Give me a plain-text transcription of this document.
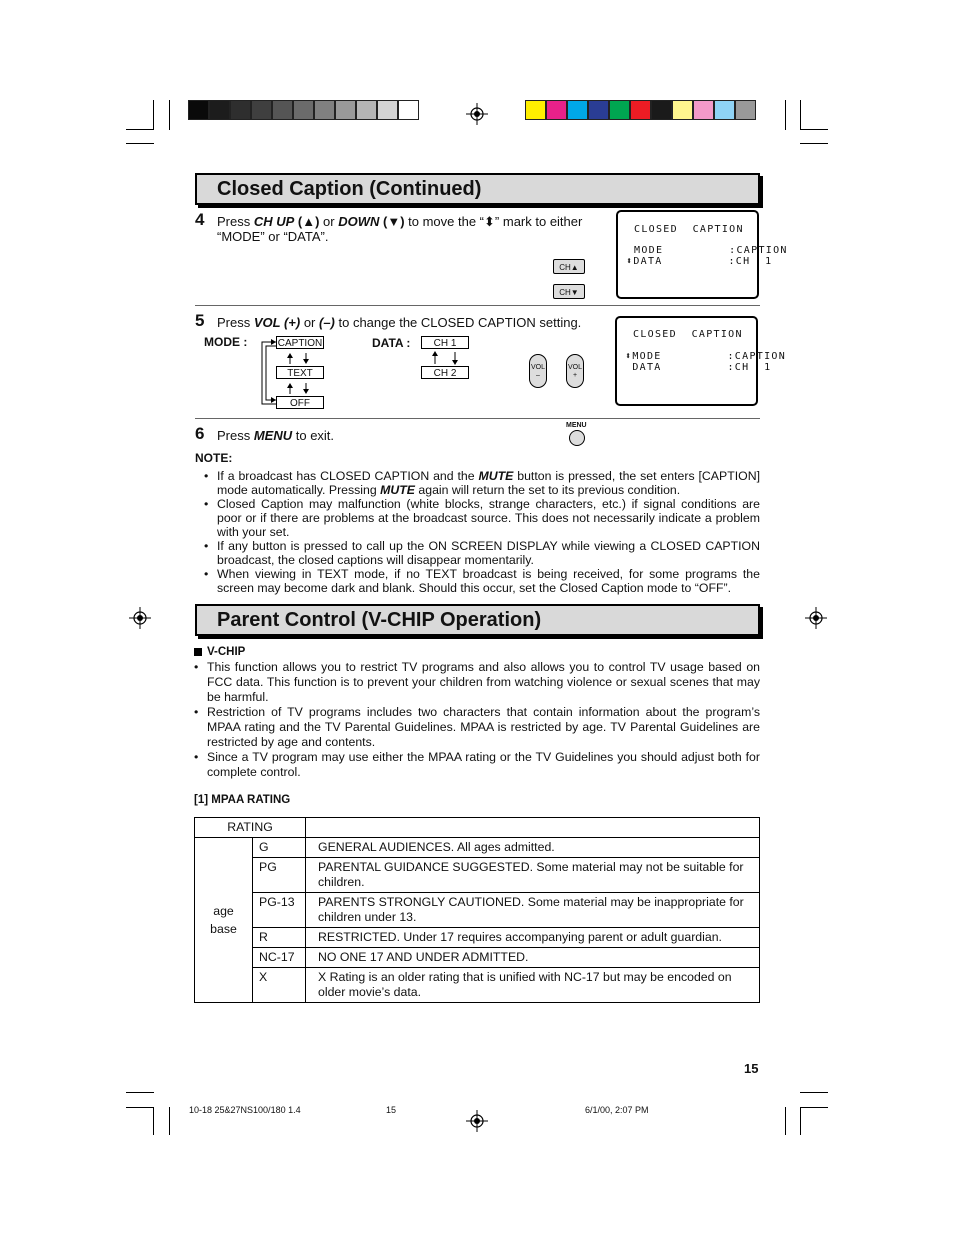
Closed Caption (Continued)
4 Press CH UP (▲) or DOWN (▼) to move the “⬍” mark to either “MODE” or “DATA”.
CH▲
CH▼
CLOSED  CAPTION
MODE         :CAPTION
⬍DATA         :CH  1
5 Press VOL (+) or (–) to change the CLOSED CAPTION setting.
MODE :	CAPTION
TEXT
OFF
DATA :	CH 1
CH 2
VOL
–
VOL
+
CLOSED  CAPTION
⬍MODE         :CAPTION
DATA         :CH  1
6 Press MENU to exit.
MENU
NOTE:
• If a broadcast has CLOSED CAPTION and the MUTE button is pressed, the set enters [CAPTION] mode automatically. Pressing MUTE again will return the set to its previous condition.
• Closed Caption may malfunction (white blocks, strange characters, etc.) if signal conditions are poor or if there are problems at the broadcast source. This does not necessarily indicate a problem with your set.
• If any button is pressed to call up the ON SCREEN DISPLAY while viewing a CLOSED CAPTION broadcast, the closed captions will disappear momentarily.
• When viewing in TEXT mode, if no TEXT broadcast is being received, for some programs the screen may become dark and blank. Should this occur, set the Closed Caption mode to “OFF”.
Parent Control (V-CHIP Operation)
V-CHIP
• This function allows you to restrict TV programs and also allows you to control TV usage based on FCC data. This function is to prevent your children from watching violence or sexual scenes that may be harmful.
• Restriction of TV programs includes two characters that contain information about the program’s MPAA rating and the TV Parental Guidelines. MPAA is restricted by age. TV Parental Guidelines are restricted by age and contents.
• Since a TV program may use either the MPAA rating or the TV Guidelines you should adjust both for complete control.
[1] MPAA RATING
RATING		

age
base	G	GENERAL AUDIENCES. All ages admitted.
	PG	PARENTAL GUIDANCE SUGGESTED. Some material may not be suitable for children.
	PG-13	PARENTS STRONGLY CAUTIONED. Some material may be inappropriate for children under 13.
	R	RESTRICTED. Under 17 requires accompanying parent or adult guardian.
	NC-17	NO ONE 17 AND UNDER ADMITTED.
	X	X Rating is an older rating that is unified with NC-17 but may be encoded on older movie’s data.
15
10-18 25&27NS100/180 1.4	15	6/1/00, 2:07 PM
